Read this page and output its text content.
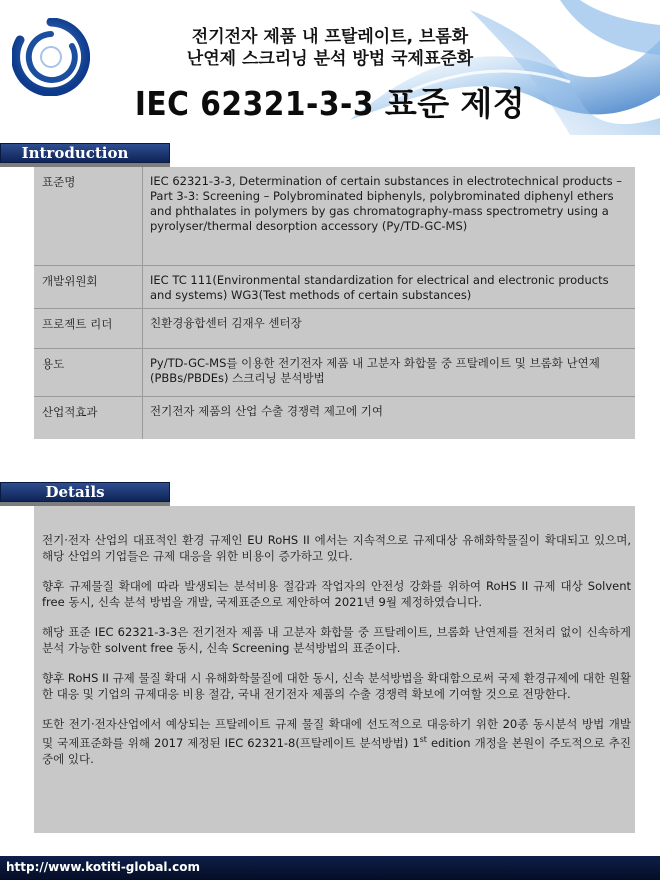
전기전자 제품 내 프탈레이트, 브롬화
난연제 스크리닝 분석 방법 국제표준화
IEC 62321-3-3 표준 제정
Introduction
표준명	IEC 62321-3-3, Determination of certain substances in electrotechnical products – Part 3-3: Screening – Polybrominated biphenyls, polybrominated diphenyl ethers and phthalates in polymers by gas chromatography-mass spectrometry using a pyrolyser/thermal desorption accessory (Py/TD-GC-MS)
개발위원회	IEC TC 111(Environmental standardization for electrical and electronic products and systems) WG3(Test methods of certain substances)
프로젝트 리더	친환경융합센터 김재우 센터장
용도	Py/TD-GC-MS를 이용한 전기전자 제품 내 고분자 화합물 중 프탈레이트 및 브롬화 난연제(PBBs/PBDEs) 스크리닝 분석방법
산업적효과	전기전자 제품의 산업 수출 경쟁력 제고에 기여
Details

전기·전자 산업의 대표적인 환경 규제인 EU RoHS II 에서는 지속적으로 규제대상 유해화학물질이 확대되고 있으며, 해당 산업의 기업들은 규제 대응을 위한 비용이 증가하고 있다.

향후 규제물질 확대에 따라 발생되는 분석비용 절감과 작업자의 안전성 강화를 위하여 RoHS II 규제 대상 Solvent free 동시, 신속 분석 방법을 개발, 국제표준으로 제안하여 2021년 9월 제정하였습니다.

해당 표준 IEC 62321-3-3은 전기전자 제품 내 고분자 화합물 중 프탈레이트, 브롬화 난연제를 전처리 없이 신속하게 분석 가능한 solvent free 동시, 신속 Screening 분석방법의 표준이다.

향후 RoHS II 규제 물질 확대 시 유해화학물질에 대한 동시, 신속 분석방법을 확대함으로써 국제 환경규제에 대한 원활한 대응 및 기업의 규제대응 비용 절감, 국내 전기전자 제품의 수출 경쟁력 확보에 기여할 것으로 전망한다.

또한 전기·전자산업에서 예상되는 프탈레이트 규제 물질 확대에 선도적으로 대응하기 위한 20종 동시분석 방법 개발 및 국제표준화를 위해 2017 제정된 IEC 62321-8(프탈레이트 분석방법) 1st edition 개정을 본원이 주도적으로 추진 중에 있다.

http://www.kotiti-global.com
